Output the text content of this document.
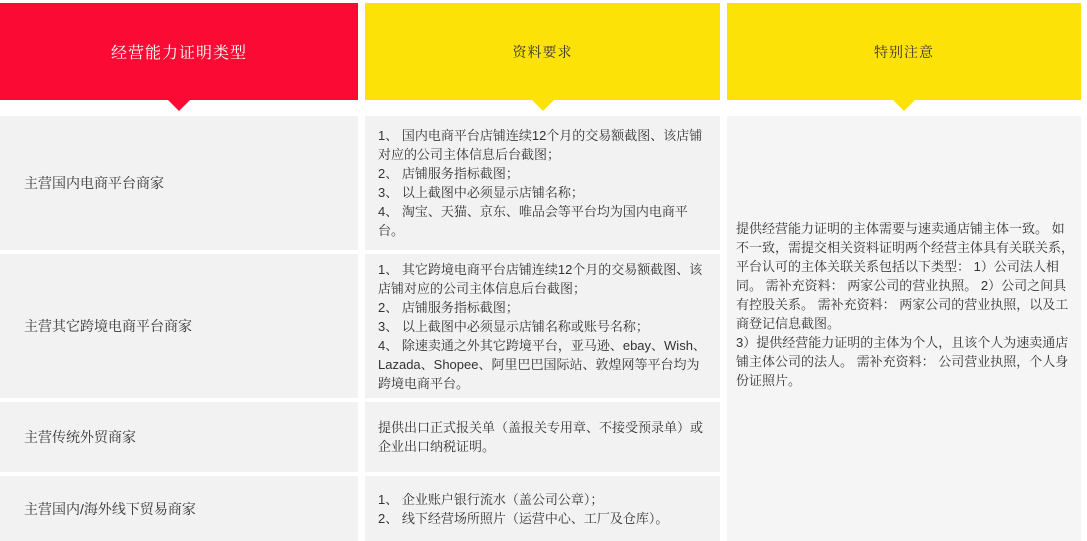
经营能力证明类型
主营国内电商平台商家
主营其它跨境电商平台商家
主营传统外贸商家
主营国内/海外线下贸易商家
资料要求
1、 国内电商平台店铺连续12个月的交易额截图、该店铺对应的公司主体信息后台截图；
2、 店铺服务指标截图；
3、 以上截图中必须显示店铺名称；
4、 淘宝、天猫、京东、唯品会等平台均为国内电商平台。
1、 其它跨境电商平台店铺连续12个月的交易额截图、该店铺对应的公司主体信息后台截图；
2、 店铺服务指标截图；
3、 以上截图中必须显示店铺名称或账号名称；
4、 除速卖通之外其它跨境平台，亚马逊、ebay、Wish、Lazada、Shopee、阿里巴巴国际站、敦煌网等平台均为跨境电商平台。
提供出口正式报关单（盖报关专用章、不接受预录单）或企业出口纳税证明。
1、 企业账户银行流水（盖公司公章）；
2、 线下经营场所照片（运营中心、工厂及仓库）。
特别注意

提供经营能力证明的主体需要与速卖通店铺主体一致。 如不一致，需提交相关资料证明两个经营主体具有关联关系，平台认可的主体关联关系包括以下类型： 1）公司法人相同。 需补充资料： 两家公司的营业执照。 2）公司之间具有控股关系。 需补充资料： 两家公司的营业执照，以及工商登记信息截图。

3）提供经营能力证明的主体为个人，且该个人为速卖通店铺主体公司的法人。 需补充资料： 公司营业执照，个人身份证照片。
